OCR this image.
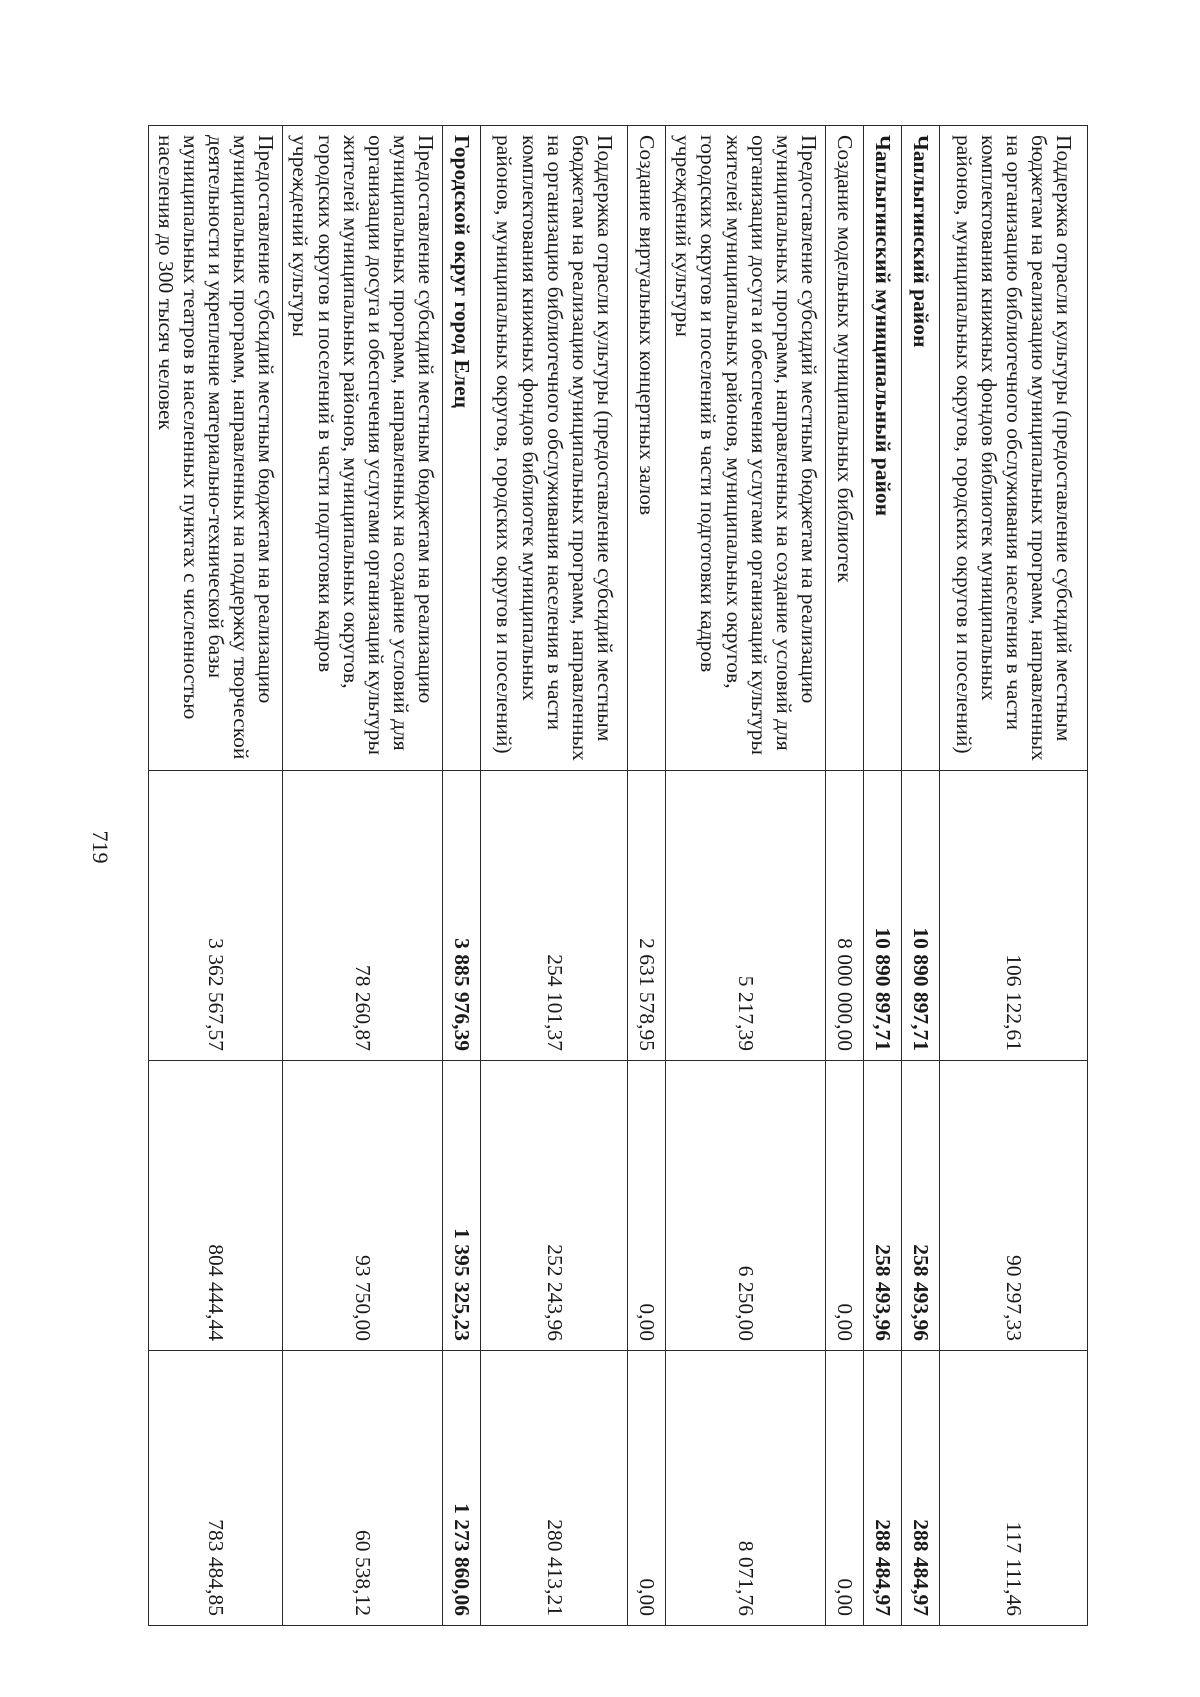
719
Поддержка отрасли культуры (предоставление субсидий местным бюджетам на реализацию муниципальных программ, направленных на организацию библиотечного обслуживания населения в части комплектования книжных фондов библиотек муниципальных районов, муниципальных округов, городских округов и поселений)	106 122,61	90 297,33	117 111,46
Чаплыгинский район	10 890 897,71	258 493,96	288 484,97
Чаплыгинский муниципальный район	10 890 897,71	258 493,96	288 484,97
Создание модельных муниципальных библиотек	8 000 000,00	0,00	0,00
Предоставление субсидий местным бюджетам на реализацию муниципальных программ, направленных на создание условий для организации досуга и обеспечения услугами организаций культуры жителей муниципальных районов, муниципальных округов, городских округов и поселений в части подготовки кадров учреждений культуры	5 217,39	6 250,00	8 071,76
Создание виртуальных концертных залов	2 631 578,95	0,00	0,00
Поддержка отрасли культуры (предоставление субсидий местным бюджетам на реализацию муниципальных программ, направленных на организацию библиотечного обслуживания населения в части комплектования книжных фондов библиотек муниципальных районов, муниципальных округов, городских округов и поселений)	254 101,37	252 243,96	280 413,21
Городской округ город Елец	3 885 976,39	1 395 325,23	1 273 860,06
Предоставление субсидий местным бюджетам на реализацию муниципальных программ, направленных на создание условий для организации досуга и обеспечения услугами организаций культуры жителей муниципальных районов, муниципальных округов, городских округов и поселений в части подготовки кадров учреждений культуры	78 260,87	93 750,00	60 538,12
Предоставление субсидий местным бюджетам на реализацию муниципальных программ, направленных на поддержку творческой деятельности и укрепление материально-технической базы муниципальных театров в населенных пунктах с численностью населения до 300 тысяч человек	3 362 567,57	804 444,44	783 484,85
